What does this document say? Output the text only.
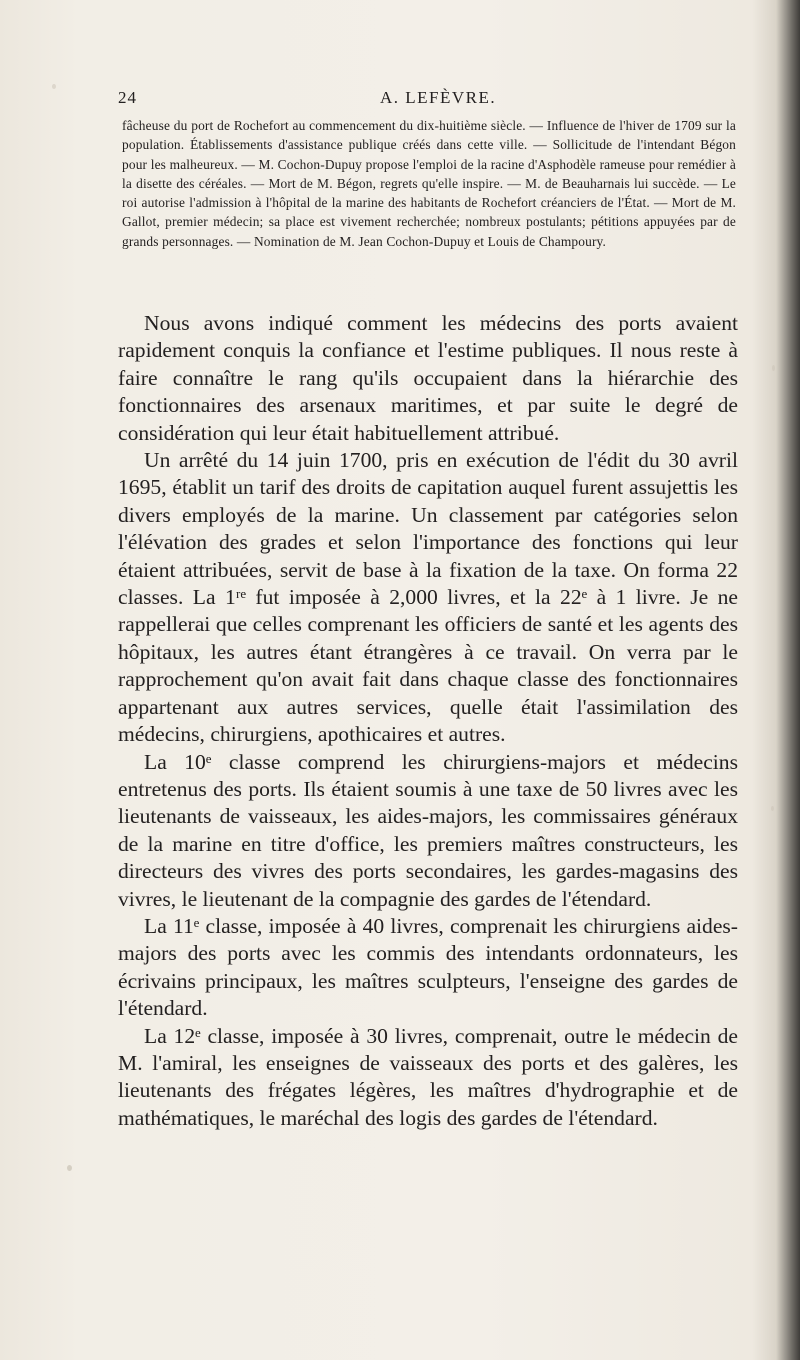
24	A. LEFÈVRE.

fâcheuse du port de Rochefort au commencement du dix-huitième siècle. — Influence de l'hiver de 1709 sur la population. Établissements d'assistance publique créés dans cette ville. — Sollicitude de l'intendant Bégon pour les malheureux. — M. Cochon-Dupuy propose l'emploi de la racine d'Asphodèle rameuse pour remédier à la disette des céréales. — Mort de M. Bégon, regrets qu'elle inspire. — M. de Beauharnais lui succède. — Le roi autorise l'admission à l'hôpital de la marine des habitants de Rochefort créanciers de l'État. — Mort de M. Gallot, premier médecin; sa place est vivement recherchée; nombreux postulants; pétitions appuyées par de grands personnages. — Nomination de M. Jean Cochon-Dupuy et Louis de Champoury.

Nous avons indiqué comment les médecins des ports avaient rapidement conquis la confiance et l'estime publiques. Il nous reste à faire connaître le rang qu'ils occupaient dans la hiérarchie des fonctionnaires des arsenaux maritimes, et par suite le degré de considération qui leur était habituellement attribué.

Un arrêté du 14 juin 1700, pris en exécution de l'édit du 30 avril 1695, établit un tarif des droits de capitation auquel furent assujettis les divers employés de la marine. Un classement par catégories selon l'élévation des grades et selon l'importance des fonctions qui leur étaient attribuées, servit de base à la fixation de la taxe. On forma 22 classes. La 1ʳᵉ fut imposée à 2,000 livres, et la 22ᵉ à 1 livre. Je ne rappellerai que celles comprenant les officiers de santé et les agents des hôpitaux, les autres étant étrangères à ce travail. On verra par le rapprochement qu'on avait fait dans chaque classe des fonctionnaires appartenant aux autres services, quelle était l'assimilation des médecins, chirurgiens, apothicaires et autres.

La 10ᵉ classe comprend les chirurgiens-majors et médecins entretenus des ports. Ils étaient soumis à une taxe de 50 livres avec les lieutenants de vaisseaux, les aides-majors, les commissaires généraux de la marine en titre d'office, les premiers maîtres constructeurs, les directeurs des vivres des ports secondaires, les gardes-magasins des vivres, le lieutenant de la compagnie des gardes de l'étendard.

La 11ᵉ classe, imposée à 40 livres, comprenait les chirurgiens aides-majors des ports avec les commis des intendants ordonnateurs, les écrivains principaux, les maîtres sculpteurs, l'enseigne des gardes de l'étendard.

La 12ᵉ classe, imposée à 30 livres, comprenait, outre le médecin de M. l'amiral, les enseignes de vaisseaux des ports et des galères, les lieutenants des frégates légères, les maîtres d'hydrographie et de mathématiques, le maréchal des logis des gardes de l'étendard.
